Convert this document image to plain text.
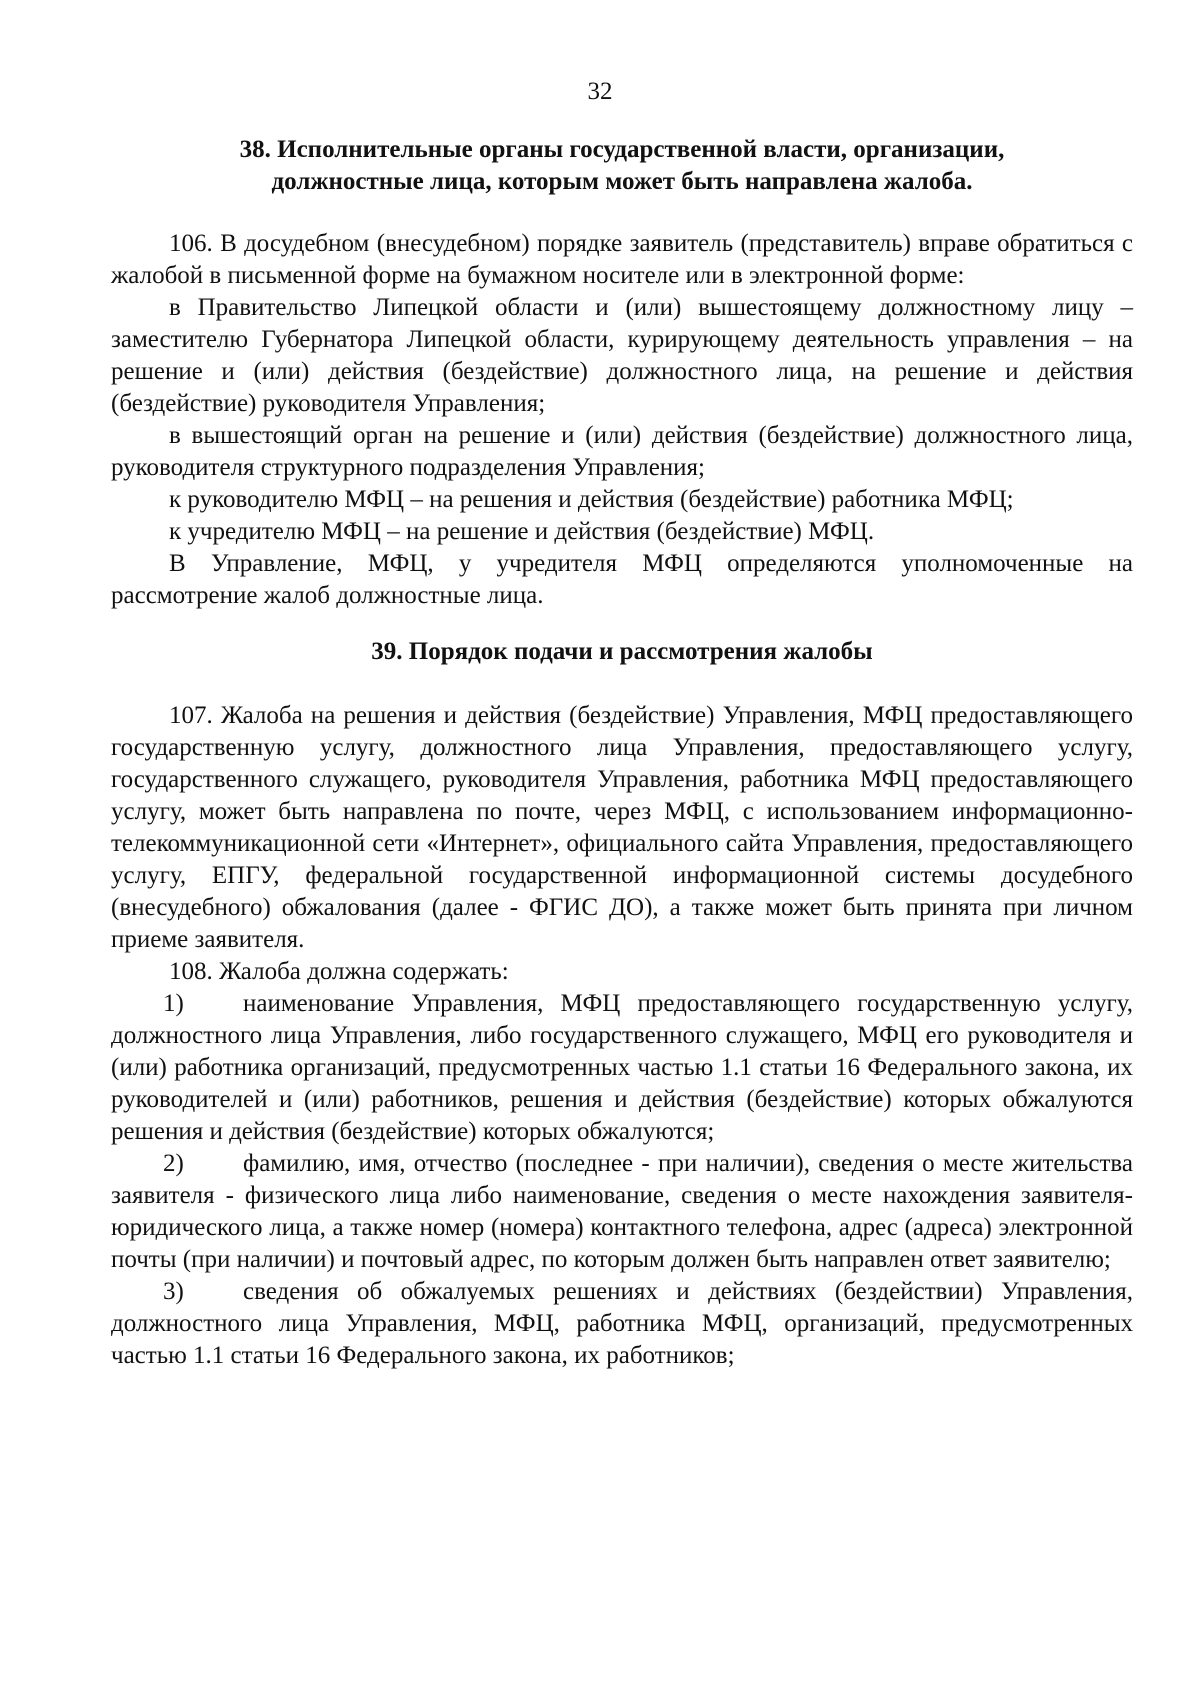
32
38. Исполнительные органы государственной власти, организации,
должностные лица, которым может быть направлена жалоба.

106. В досудебном (внесудебном) порядке заявитель (представитель) вправе обратиться с жалобой в письменной форме на бумажном носителе или в электронной форме:

в Правительство Липецкой области и (или) вышестоящему должностному лицу – заместителю Губернатора Липецкой области, курирующему деятельность управления – на решение и (или) действия (бездействие) должностного лица, на решение и действия (бездействие) руководителя Управления;

в вышестоящий орган на решение и (или) действия (бездействие) должностного лица, руководителя структурного подразделения Управления;

к руководителю МФЦ – на решения и действия (бездействие) работника МФЦ;

к учредителю МФЦ – на решение и действия (бездействие) МФЦ.

В Управление, МФЦ, у учредителя МФЦ определяются уполномоченные на рассмотрение жалоб должностные лица.

39. Порядок подачи и рассмотрения жалобы

107. Жалоба на решения и действия (бездействие) Управления, МФЦ предоставляющего государственную услугу, должностного лица Управления, предоставляющего услугу, государственного служащего, руководителя Управления, работника МФЦ предоставляющего услугу, может быть направлена по почте, через МФЦ, с использованием информационно-телекоммуникационной сети «Интернет», официального сайта Управления, предоставляющего услугу, ЕПГУ, федеральной государственной информационной системы досудебного (внесудебного) обжалования (далее - ФГИС ДО), а также может быть принята при личном приеме заявителя.

108. Жалоба должна содержать:

1) наименование Управления, МФЦ предоставляющего государственную услугу, должностного лица Управления, либо государственного служащего, МФЦ его руководителя и (или) работника организаций, предусмотренных частью 1.1 статьи 16 Федерального закона, их руководителей и (или) работников, решения и действия (бездействие) которых обжалуются решения и действия (бездействие) которых обжалуются;

2) фамилию, имя, отчество (последнее - при наличии), сведения о месте жительства заявителя - физического лица либо наименование, сведения о месте нахождения заявителя-юридического лица, а также номер (номера) контактного телефона, адрес (адреса) электронной почты (при наличии) и почтовый адрес, по которым должен быть направлен ответ заявителю;

3) сведения об обжалуемых решениях и действиях (бездействии) Управления, должностного лица Управления, МФЦ, работника МФЦ, организаций, предусмотренных частью 1.1 статьи 16 Федерального закона, их работников;
